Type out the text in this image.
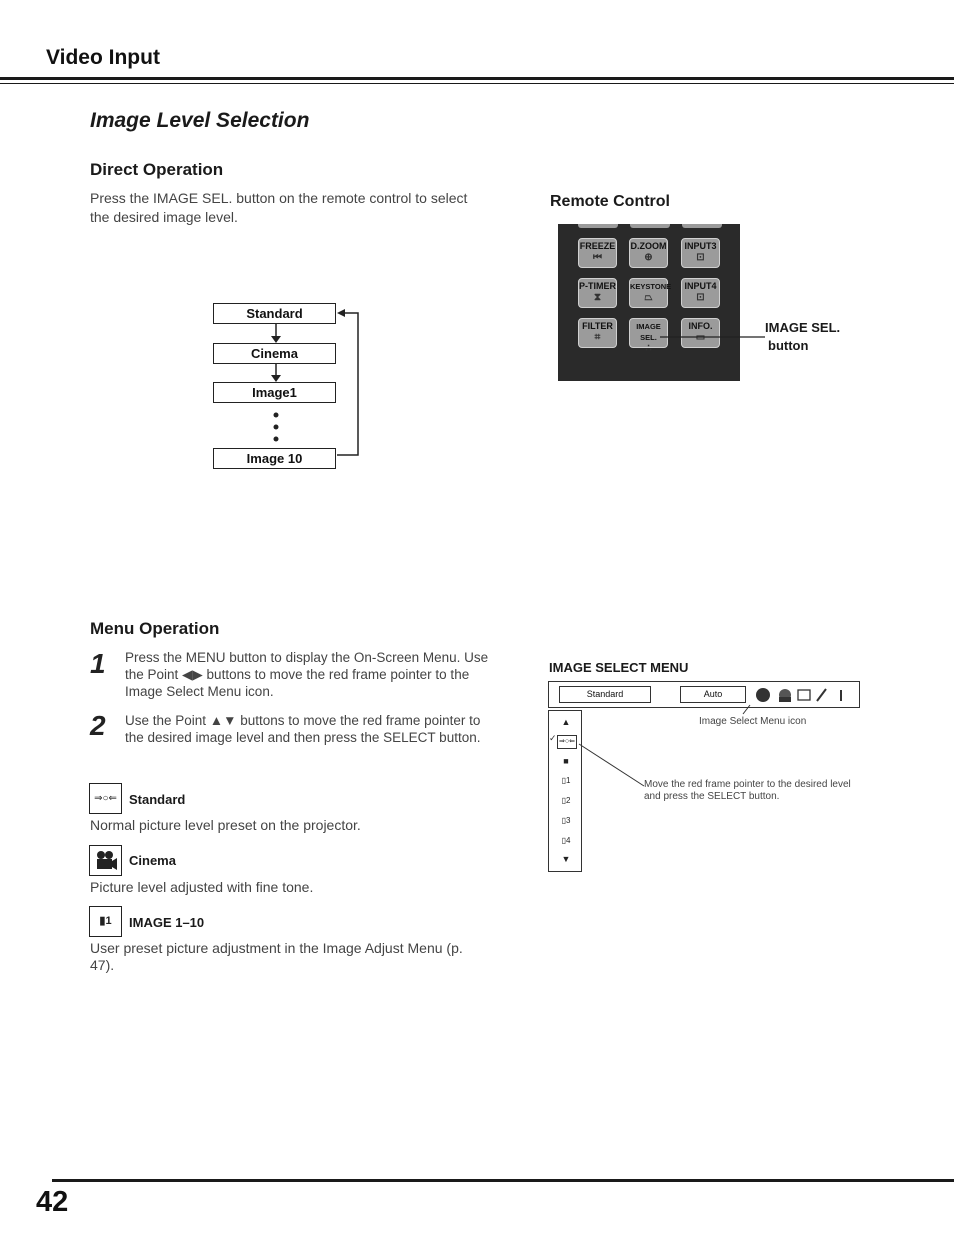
Video Input
Image Level Selection
Direct Operation
Press the IMAGE SEL. button on the remote control to select the desired image level.
Standard
Cinema
Image1
Image 10
Remote Control
FREEZE
⏮
D.ZOOM
⊕
INPUT3
⊡
P-TIMER
⧗
KEYSTONE
⏢
INPUT4
⊡
FILTER
⌗
IMAGE SEL.
∴
INFO.
▭
IMAGE SEL.
button
Menu Operation
1 Press the MENU button to display the On-Screen Menu. Use the Point ◀▶ buttons to move the red frame pointer to the Image Select Menu icon.
2 Use the Point ▲▼ buttons to move the red frame pointer to the desired image level and then press the SELECT button.
⇒○⇐ Standard
Normal picture level preset on the projector.
Cinema
Picture level adjusted with fine tone.
▮1	IMAGE 1–10
User preset picture adjustment in the Image Adjust Menu (p. 47).
IMAGE SELECT MENU
Standard	Auto
▲
⇒○⇐
■
▯1
▯2
▯3
▯4
▼
✓
Image Select Menu icon
Move the red frame pointer to the desired level and press the SELECT button.
42
